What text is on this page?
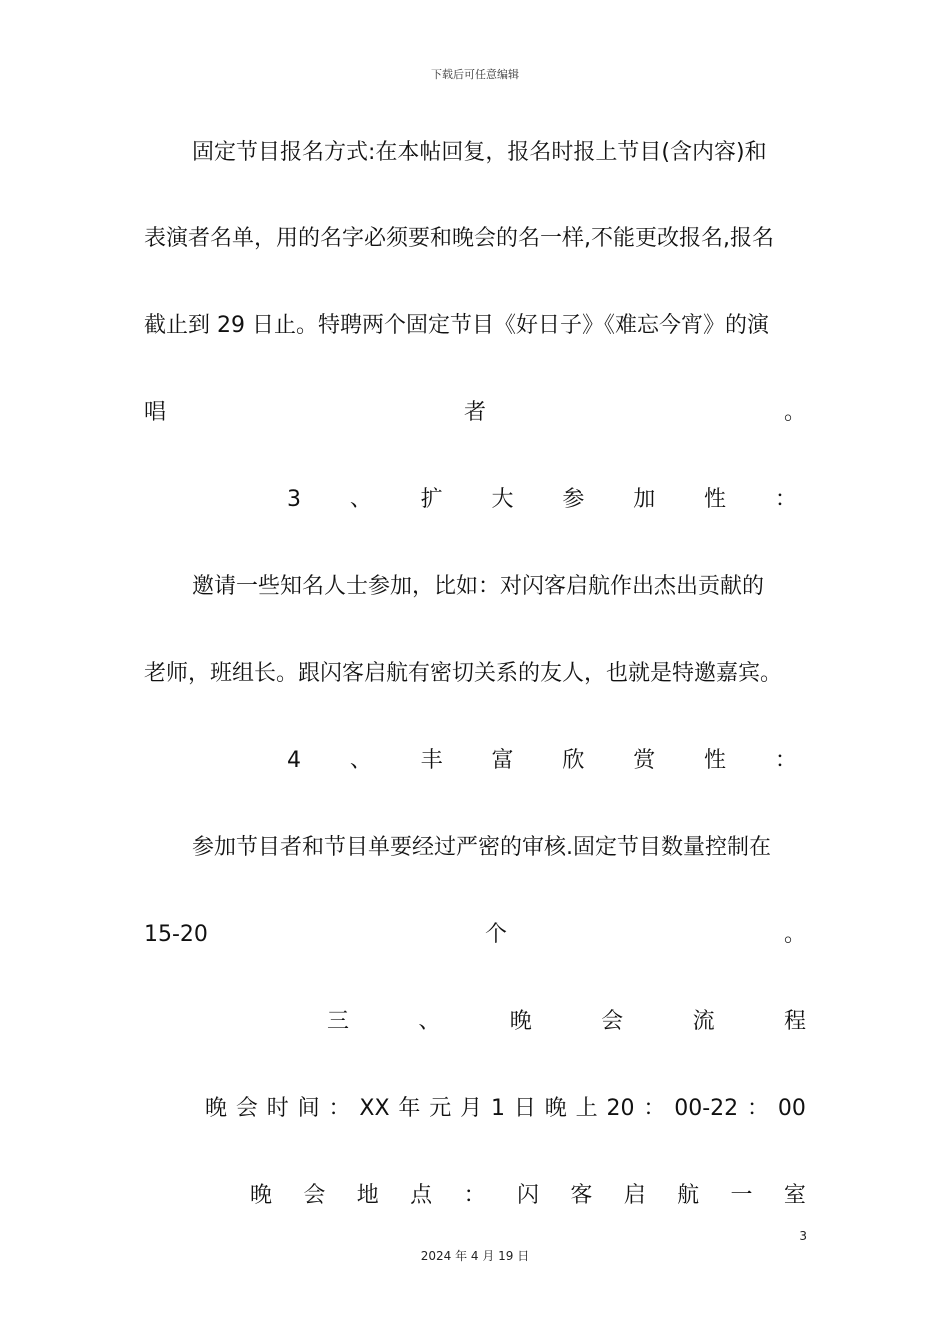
下载后可任意编辑
固定节目报名方式:在本帖回复，报名时报上节目(含内容)和
表演者名单，用的名字必须要和晚会的名一样,不能更改报名,报名
截止到 29 日止。特聘两个固定节目《好日子》《难忘今宵》的演
唱	者	。
3 、 扩 大 参 加 性 ：
邀请一些知名人士参加，比如：对闪客启航作出杰出贡献的
老师，班组长。跟闪客启航有密切关系的友人，也就是特邀嘉宾。
4 、 丰 富 欣 赏 性 ：
参加节目者和节目单要经过严密的审核.固定节目数量控制在
15-20	个	。
三	、	晚	会	流	程
晚 会 时 间 ： XX 年 元 月 1 日 晚 上 20 ： 00-22 ： 00
晚 会 地 点 ： 闪 客 启 航 一 室
3
2024 年 4 月 19 日
